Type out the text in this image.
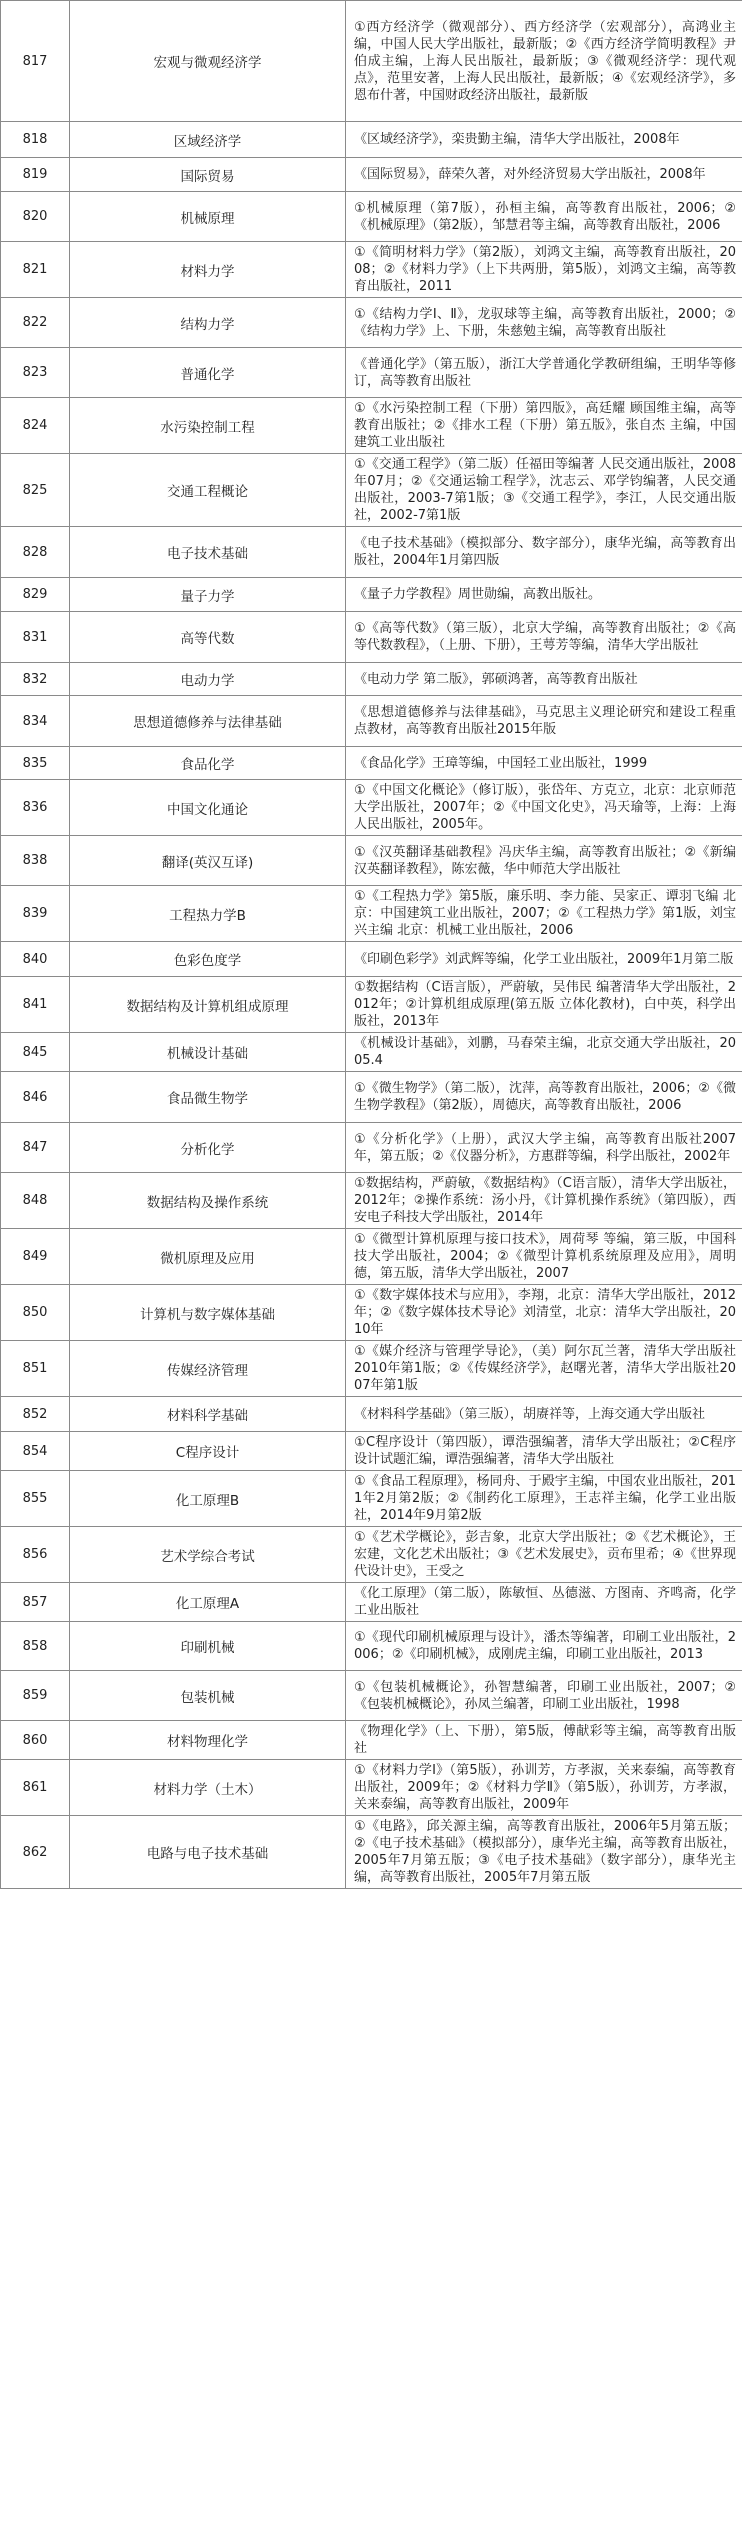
817	宏观与微观经济学	①西方经济学（微观部分）、西方经济学（宏观部分），高鸿业主编，中国人民大学出版社，最新版；②《西方经济学简明教程》尹伯成主编，上海人民出版社，最新版；③《微观经济学：现代观点》，范里安著，上海人民出版社，最新版；④《宏观经济学》，多恩布什著，中国财政经济出版社，最新版
818	区域经济学	《区域经济学》，栾贵勤主编，清华大学出版社，2008年
819	国际贸易	《国际贸易》，薛荣久著，对外经济贸易大学出版社，2008年
820	机械原理	①机械原理（第7版），孙桓主编，高等教育出版社，2006；②《机械原理》（第2版），邹慧君等主编，高等教育出版社，2006
821	材料力学	①《简明材料力学》（第2版），刘鸿文主编，高等教育出版社，2008；②《材料力学》（上下共两册，第5版），刘鸿文主编，高等教育出版社，2011
822	结构力学	①《结构力学Ⅰ、Ⅱ》，龙驭球等主编，高等教育出版社，2000；②《结构力学》上、下册，朱慈勉主编，高等教育出版社
823	普通化学	《普通化学》（第五版），浙江大学普通化学教研组编，王明华等修订，高等教育出版社
824	水污染控制工程	①《水污染控制工程（下册）第四版》，高廷耀 顾国维主编，高等教育出版社；②《排水工程（下册）第五版》，张自杰 主编，中国建筑工业出版社
825	交通工程概论	①《交通工程学》（第二版）任福田等编著 人民交通出版社，2008年07月；②《交通运输工程学》，沈志云、邓学钧编著，人民交通出版社，2003-7第1版；③《交通工程学》，李江，人民交通出版社，2002-7第1版
828	电子技术基础	《电子技术基础》（模拟部分、数字部分），康华光编，高等教育出版社，2004年1月第四版
829	量子力学	《量子力学教程》周世勋编，高教出版社。
831	高等代数	①《高等代数》（第三版），北京大学编，高等教育出版社；②《高等代数教程》，（上册、下册），王萼芳等编，清华大学出版社
832	电动力学	《电动力学 第二版》，郭硕鸿著，高等教育出版社
834	思想道德修养与法律基础	《思想道德修养与法律基础》，马克思主义理论研究和建设工程重点教材，高等教育出版社2015年版
835	食品化学	《食品化学》王璋等编，中国轻工业出版社，1999
836	中国文化通论	①《中国文化概论》（修订版），张岱年、方克立，北京：北京师范大学出版社，2007年；②《中国文化史》，冯天瑜等，上海：上海人民出版社，2005年。
838	翻译(英汉互译)	①《汉英翻译基础教程》冯庆华主编，高等教育出版社；②《新编汉英翻译教程》，陈宏薇，华中师范大学出版社
839	工程热力学B	①《工程热力学》第5版，廉乐明、李力能、吴家正、谭羽飞编 北京：中国建筑工业出版社，2007；②《工程热力学》第1版，刘宝兴主编 北京：机械工业出版社，2006
840	色彩色度学	《印刷色彩学》刘武辉等编，化学工业出版社，2009年1月第二版
841	数据结构及计算机组成原理	①数据结构（C语言版），严蔚敏，吴伟民 编著清华大学出版社，2012年；②计算机组成原理(第五版 立体化教材)，白中英，科学出版社，2013年
845	机械设计基础	《机械设计基础》，刘鹏，马春荣主编，北京交通大学出版社，2005.4
846	食品微生物学	①《微生物学》（第二版），沈萍，高等教育出版社，2006；②《微生物学教程》（第2版），周德庆，高等教育出版社，2006
847	分析化学	①《分析化学》（上册），武汉大学主编，高等教育出版社2007年，第五版；②《仪器分析》，方惠群等编，科学出版社，2002年
848	数据结构及操作系统	①数据结构，严蔚敏，《数据结构》（C语言版），清华大学出版社，2012年；②操作系统：汤小丹，《计算机操作系统》（第四版），西安电子科技大学出版社，2014年
849	微机原理及应用	①《微型计算机原理与接口技术》，周荷琴 等编，第三版，中国科技大学出版社，2004；②《微型计算机系统原理及应用》，周明德，第五版，清华大学出版社，2007
850	计算机与数字媒体基础	①《数字媒体技术与应用》，李翔，北京：清华大学出版社，2012年；②《数字媒体技术导论》刘清堂，北京：清华大学出版社，2010年
851	传媒经济管理	①《媒介经济与管理学导论》，（美）阿尔瓦兰著，清华大学出版社 2010年第1版；②《传媒经济学》，赵曙光著，清华大学出版社2007年第1版
852	材料科学基础	《材料科学基础》（第三版），胡赓祥等，上海交通大学出版社
854	C程序设计	①C程序设计（第四版），谭浩强编著，清华大学出版社；②C程序设计试题汇编，谭浩强编著，清华大学出版社
855	化工原理B	①《食品工程原理》，杨同舟、于殿宇主编，中国农业出版社，2011年2月第2版；②《制药化工原理》，王志祥主编，化学工业出版社，2014年9月第2版
856	艺术学综合考试	①《艺术学概论》，彭吉象，北京大学出版社；②《艺术概论》，王宏建，文化艺术出版社；③《艺术发展史》，贡布里希；④《世界现代设计史》，王受之
857	化工原理A	《化工原理》（第二版），陈敏恒、丛德滋、方图南、齐鸣斋，化学工业出版社
858	印刷机械	①《现代印刷机械原理与设计》，潘杰等编著，印刷工业出版社，2006；②《印刷机械》，成刚虎主编，印刷工业出版社，2013
859	包装机械	①《包装机械概论》，孙智慧编著，印刷工业出版社，2007；②《包装机械概论》，孙凤兰编著，印刷工业出版社，1998
860	材料物理化学	《物理化学》（上、下册），第5版，傅献彩等主编，高等教育出版社
861	材料力学（土木）	①《材料力学Ⅰ》（第5版），孙训芳，方孝淑，关来泰编，高等教育出版社，2009年；②《材料力学Ⅱ》（第5版），孙训芳，方孝淑，关来泰编，高等教育出版社，2009年
862	电路与电子技术基础	①《电路》，邱关源主编，高等教育出版社，2006年5月第五版；②《电子技术基础》（模拟部分），康华光主编，高等教育出版社，2005年7月第五版；③《电子技术基础》（数字部分），康华光主编，高等教育出版社，2005年7月第五版
